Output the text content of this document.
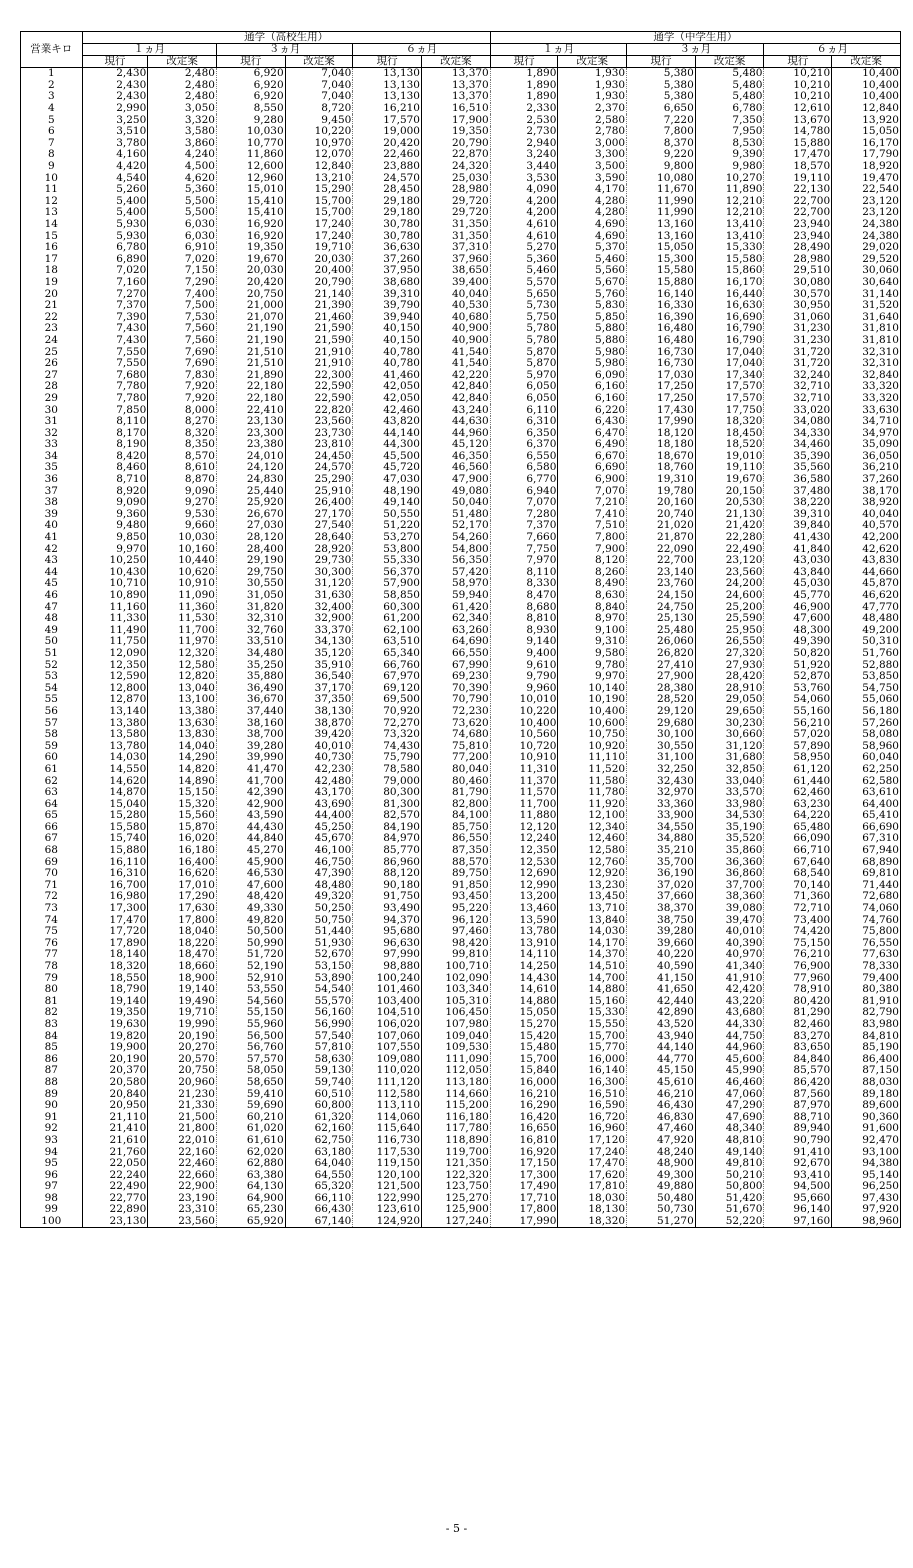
営業キロ	通学（高校生用）						通学（中学生用）					
	１ヵ月		３ヵ月		６ヵ月		１ヵ月		３ヵ月		６ヵ月	
	現行	改定案	現行	改定案	現行	改定案	現行	改定案	現行	改定案	現行	改定案
1	2,430	2,480	6,920	7,040	13,130	13,370	1,890	1,930	5,380	5,480	10,210	10,400
2	2,430	2,480	6,920	7,040	13,130	13,370	1,890	1,930	5,380	5,480	10,210	10,400
3	2,430	2,480	6,920	7,040	13,130	13,370	1,890	1,930	5,380	5,480	10,210	10,400
4	2,990	3,050	8,550	8,720	16,210	16,510	2,330	2,370	6,650	6,780	12,610	12,840
5	3,250	3,320	9,280	9,450	17,570	17,900	2,530	2,580	7,220	7,350	13,670	13,920
6	3,510	3,580	10,030	10,220	19,000	19,350	2,730	2,780	7,800	7,950	14,780	15,050
7	3,780	3,860	10,770	10,970	20,420	20,790	2,940	3,000	8,370	8,530	15,880	16,170
8	4,160	4,240	11,860	12,070	22,460	22,870	3,240	3,300	9,220	9,390	17,470	17,790
9	4,420	4,500	12,600	12,840	23,880	24,320	3,440	3,500	9,800	9,980	18,570	18,920
10	4,540	4,620	12,960	13,210	24,570	25,030	3,530	3,590	10,080	10,270	19,110	19,470
11	5,260	5,360	15,010	15,290	28,450	28,980	4,090	4,170	11,670	11,890	22,130	22,540
12	5,400	5,500	15,410	15,700	29,180	29,720	4,200	4,280	11,990	12,210	22,700	23,120
13	5,400	5,500	15,410	15,700	29,180	29,720	4,200	4,280	11,990	12,210	22,700	23,120
14	5,930	6,030	16,920	17,240	30,780	31,350	4,610	4,690	13,160	13,410	23,940	24,380
15	5,930	6,030	16,920	17,240	30,780	31,350	4,610	4,690	13,160	13,410	23,940	24,380
16	6,780	6,910	19,350	19,710	36,630	37,310	5,270	5,370	15,050	15,330	28,490	29,020
17	6,890	7,020	19,670	20,030	37,260	37,960	5,360	5,460	15,300	15,580	28,980	29,520
18	7,020	7,150	20,030	20,400	37,950	38,650	5,460	5,560	15,580	15,860	29,510	30,060
19	7,160	7,290	20,420	20,790	38,680	39,400	5,570	5,670	15,880	16,170	30,080	30,640
20	7,270	7,400	20,750	21,140	39,310	40,040	5,650	5,760	16,140	16,440	30,570	31,140
21	7,370	7,500	21,000	21,390	39,790	40,530	5,730	5,830	16,330	16,630	30,950	31,520
22	7,390	7,530	21,070	21,460	39,940	40,680	5,750	5,850	16,390	16,690	31,060	31,640
23	7,430	7,560	21,190	21,590	40,150	40,900	5,780	5,880	16,480	16,790	31,230	31,810
24	7,430	7,560	21,190	21,590	40,150	40,900	5,780	5,880	16,480	16,790	31,230	31,810
25	7,550	7,690	21,510	21,910	40,780	41,540	5,870	5,980	16,730	17,040	31,720	32,310
26	7,550	7,690	21,510	21,910	40,780	41,540	5,870	5,980	16,730	17,040	31,720	32,310
27	7,680	7,830	21,890	22,300	41,460	42,220	5,970	6,090	17,030	17,340	32,240	32,840
28	7,780	7,920	22,180	22,590	42,050	42,840	6,050	6,160	17,250	17,570	32,710	33,320
29	7,780	7,920	22,180	22,590	42,050	42,840	6,050	6,160	17,250	17,570	32,710	33,320
30	7,850	8,000	22,410	22,820	42,460	43,240	6,110	6,220	17,430	17,750	33,020	33,630
31	8,110	8,270	23,130	23,560	43,820	44,630	6,310	6,430	17,990	18,320	34,080	34,710
32	8,170	8,320	23,300	23,730	44,140	44,960	6,350	6,470	18,120	18,450	34,330	34,970
33	8,190	8,350	23,380	23,810	44,300	45,120	6,370	6,490	18,180	18,520	34,460	35,090
34	8,420	8,570	24,010	24,450	45,500	46,350	6,550	6,670	18,670	19,010	35,390	36,050
35	8,460	8,610	24,120	24,570	45,720	46,560	6,580	6,690	18,760	19,110	35,560	36,210
36	8,710	8,870	24,830	25,290	47,030	47,900	6,770	6,900	19,310	19,670	36,580	37,260
37	8,920	9,090	25,440	25,910	48,190	49,080	6,940	7,070	19,780	20,150	37,480	38,170
38	9,090	9,270	25,920	26,400	49,140	50,040	7,070	7,210	20,160	20,530	38,220	38,920
39	9,360	9,530	26,670	27,170	50,550	51,480	7,280	7,410	20,740	21,130	39,310	40,040
40	9,480	9,660	27,030	27,540	51,220	52,170	7,370	7,510	21,020	21,420	39,840	40,570
41	9,850	10,030	28,120	28,640	53,270	54,260	7,660	7,800	21,870	22,280	41,430	42,200
42	9,970	10,160	28,400	28,920	53,800	54,800	7,750	7,900	22,090	22,490	41,840	42,620
43	10,250	10,440	29,190	29,730	55,330	56,350	7,970	8,120	22,700	23,120	43,030	43,830
44	10,430	10,620	29,750	30,300	56,370	57,420	8,110	8,260	23,140	23,560	43,840	44,660
45	10,710	10,910	30,550	31,120	57,900	58,970	8,330	8,490	23,760	24,200	45,030	45,870
46	10,890	11,090	31,050	31,630	58,850	59,940	8,470	8,630	24,150	24,600	45,770	46,620
47	11,160	11,360	31,820	32,400	60,300	61,420	8,680	8,840	24,750	25,200	46,900	47,770
48	11,330	11,530	32,310	32,900	61,200	62,340	8,810	8,970	25,130	25,590	47,600	48,480
49	11,490	11,700	32,760	33,370	62,100	63,260	8,930	9,100	25,480	25,950	48,300	49,200
50	11,750	11,970	33,510	34,130	63,510	64,690	9,140	9,310	26,060	26,550	49,390	50,310
51	12,090	12,320	34,480	35,120	65,340	66,550	9,400	9,580	26,820	27,320	50,820	51,760
52	12,350	12,580	35,250	35,910	66,760	67,990	9,610	9,780	27,410	27,930	51,920	52,880
53	12,590	12,820	35,880	36,540	67,970	69,230	9,790	9,970	27,900	28,420	52,870	53,850
54	12,800	13,040	36,490	37,170	69,120	70,390	9,960	10,140	28,380	28,910	53,760	54,750
55	12,870	13,100	36,670	37,350	69,500	70,790	10,010	10,190	28,520	29,050	54,060	55,060
56	13,140	13,380	37,440	38,130	70,920	72,230	10,220	10,400	29,120	29,650	55,160	56,180
57	13,380	13,630	38,160	38,870	72,270	73,620	10,400	10,600	29,680	30,230	56,210	57,260
58	13,580	13,830	38,700	39,420	73,320	74,680	10,560	10,750	30,100	30,660	57,020	58,080
59	13,780	14,040	39,280	40,010	74,430	75,810	10,720	10,920	30,550	31,120	57,890	58,960
60	14,030	14,290	39,990	40,730	75,790	77,200	10,910	11,110	31,100	31,680	58,950	60,040
61	14,550	14,820	41,470	42,230	78,580	80,040	11,310	11,520	32,250	32,850	61,120	62,250
62	14,620	14,890	41,700	42,480	79,000	80,460	11,370	11,580	32,430	33,040	61,440	62,580
63	14,870	15,150	42,390	43,170	80,300	81,790	11,570	11,780	32,970	33,570	62,460	63,610
64	15,040	15,320	42,900	43,690	81,300	82,800	11,700	11,920	33,360	33,980	63,230	64,400
65	15,280	15,560	43,590	44,400	82,570	84,100	11,880	12,100	33,900	34,530	64,220	65,410
66	15,580	15,870	44,430	45,250	84,190	85,750	12,120	12,340	34,550	35,190	65,480	66,690
67	15,740	16,020	44,840	45,670	84,970	86,550	12,240	12,460	34,880	35,520	66,090	67,310
68	15,880	16,180	45,270	46,100	85,770	87,350	12,350	12,580	35,210	35,860	66,710	67,940
69	16,110	16,400	45,900	46,750	86,960	88,570	12,530	12,760	35,700	36,360	67,640	68,890
70	16,310	16,620	46,530	47,390	88,120	89,750	12,690	12,920	36,190	36,860	68,540	69,810
71	16,700	17,010	47,600	48,480	90,180	91,850	12,990	13,230	37,020	37,700	70,140	71,440
72	16,980	17,290	48,420	49,320	91,750	93,450	13,200	13,450	37,660	38,360	71,360	72,680
73	17,300	17,630	49,330	50,250	93,490	95,220	13,460	13,710	38,370	39,080	72,710	74,060
74	17,470	17,800	49,820	50,750	94,370	96,120	13,590	13,840	38,750	39,470	73,400	74,760
75	17,720	18,040	50,500	51,440	95,680	97,460	13,780	14,030	39,280	40,010	74,420	75,800
76	17,890	18,220	50,990	51,930	96,630	98,420	13,910	14,170	39,660	40,390	75,150	76,550
77	18,140	18,470	51,720	52,670	97,990	99,810	14,110	14,370	40,220	40,970	76,210	77,630
78	18,320	18,660	52,190	53,150	98,880	100,710	14,250	14,510	40,590	41,340	76,900	78,330
79	18,550	18,900	52,910	53,890	100,240	102,090	14,430	14,700	41,150	41,910	77,960	79,400
80	18,790	19,140	53,550	54,540	101,460	103,340	14,610	14,880	41,650	42,420	78,910	80,380
81	19,140	19,490	54,560	55,570	103,400	105,310	14,880	15,160	42,440	43,220	80,420	81,910
82	19,350	19,710	55,150	56,160	104,510	106,450	15,050	15,330	42,890	43,680	81,290	82,790
83	19,630	19,990	55,960	56,990	106,020	107,980	15,270	15,550	43,520	44,330	82,460	83,980
84	19,820	20,190	56,500	57,540	107,060	109,040	15,420	15,700	43,940	44,750	83,270	84,810
85	19,900	20,270	56,760	57,810	107,550	109,530	15,480	15,770	44,140	44,960	83,650	85,190
86	20,190	20,570	57,570	58,630	109,080	111,090	15,700	16,000	44,770	45,600	84,840	86,400
87	20,370	20,750	58,050	59,130	110,020	112,050	15,840	16,140	45,150	45,990	85,570	87,150
88	20,580	20,960	58,650	59,740	111,120	113,180	16,000	16,300	45,610	46,460	86,420	88,030
89	20,840	21,230	59,410	60,510	112,580	114,660	16,210	16,510	46,210	47,060	87,560	89,180
90	20,950	21,330	59,690	60,800	113,110	115,200	16,290	16,590	46,430	47,290	87,970	89,600
91	21,110	21,500	60,210	61,320	114,060	116,180	16,420	16,720	46,830	47,690	88,710	90,360
92	21,410	21,800	61,020	62,160	115,640	117,780	16,650	16,960	47,460	48,340	89,940	91,600
93	21,610	22,010	61,610	62,750	116,730	118,890	16,810	17,120	47,920	48,810	90,790	92,470
94	21,760	22,160	62,020	63,180	117,530	119,700	16,920	17,240	48,240	49,140	91,410	93,100
95	22,050	22,460	62,880	64,040	119,150	121,350	17,150	17,470	48,900	49,810	92,670	94,380
96	22,240	22,660	63,380	64,550	120,100	122,320	17,300	17,620	49,300	50,210	93,410	95,140
97	22,490	22,900	64,130	65,320	121,500	123,750	17,490	17,810	49,880	50,800	94,500	96,250
98	22,770	23,190	64,900	66,110	122,990	125,270	17,710	18,030	50,480	51,420	95,660	97,430
99	22,890	23,310	65,230	66,430	123,610	125,900	17,800	18,130	50,730	51,670	96,140	97,920
100	23,130	23,560	65,920	67,140	124,920	127,240	17,990	18,320	51,270	52,220	97,160	98,960
- 5 -
